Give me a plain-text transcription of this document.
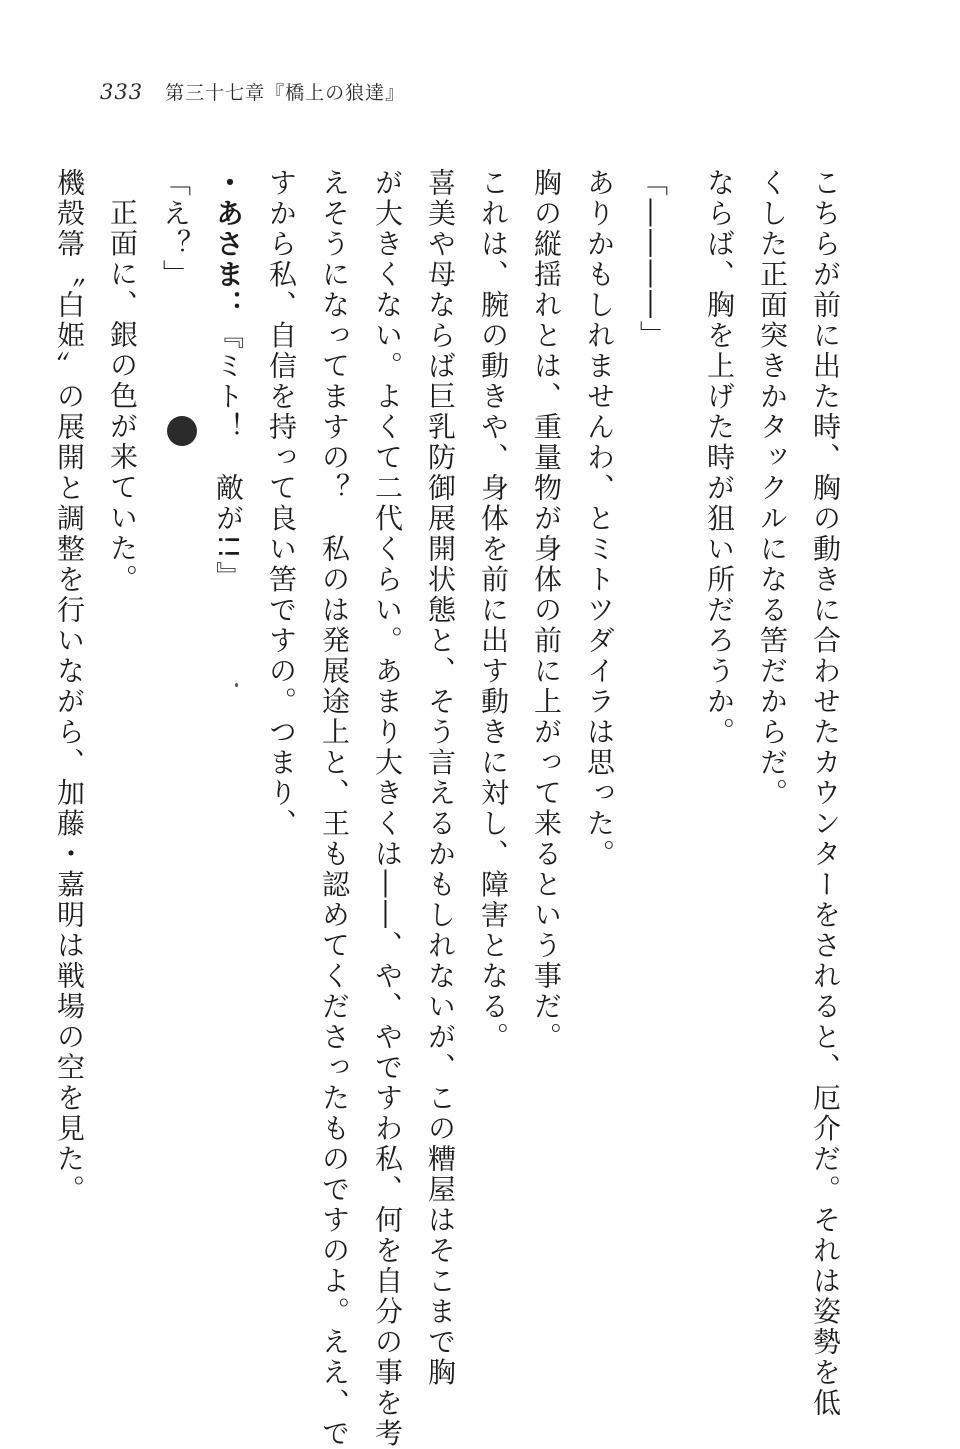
333 第三十七章『橋上の狼達』
こちらが前に出た時、胸の動きに合わせたカウンターをされると、厄介だ。それは姿勢を低
くした正面突きかタックルになる筈だからだ。
ならば、胸を上げた時が狙い所だろうか。
「――――」
ありかもしれませんわ、とミトツダイラは思った。
胸の縦揺れとは、重量物が身体の前に上がって来るという事だ。
これは、腕の動きや、身体を前に出す動きに対し、障害となる。
喜美や母ならば巨乳防御展開状態と、そう言えるかもしれないが、この糟屋はそこまで胸
が大きくない。よくて二代くらい。あまり大きくは――、や、やですわ私、何を自分の事を考
えそうになってますの？　私のは発展途上と、王も認めてくださったものですのよ。ええ、で
すから私、自信を持って良い筈ですの。つまり、
・あさま：『ミト！　敵が!!』
「え？」
正面に、銀の色が来ていた。
機殻箒〝白姫〟の展開と調整を行いながら、加藤・嘉明は戦場の空を見た。
